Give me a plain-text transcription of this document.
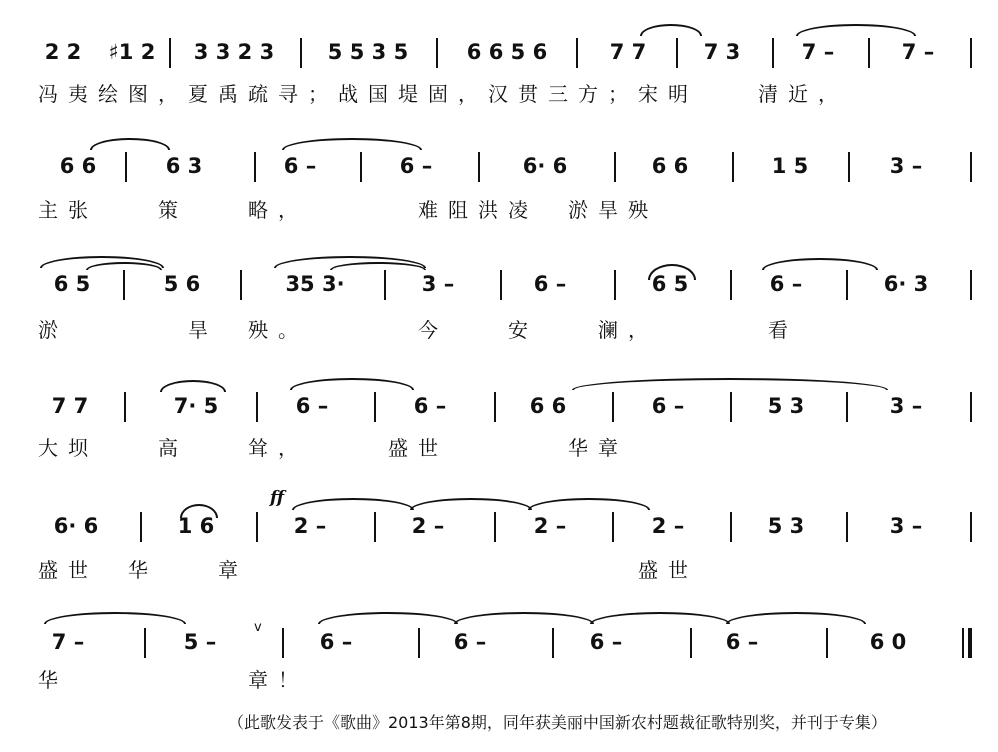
2 2 ♯1 2 3 3 2 3	5 5 3 5	6 6 5 6	7 7	7 3	7 –	7 –
冯夷绘图，夏禹疏寻；战国堤固，汉贯三方；宋明　　清近，
6 6	6 3	6 –	6 –	6· 6	6 6	1 5	3 –
主张　　策　　略，　　　　难阻洪凌　淤旱殃
6 5	5 6	35 3·	3 –	6 –	6 5	6 –	6· 3
淤　　　　旱　殃。　　　　今　　安　　澜，　　　　看
7 7	7· 5	6 –	6 –	6 6	6 –	5 3	3 –
大坝　　高　　耸，　　　盛世　　　　华章
ff
6· 6	1 6	2 –	2 –	2 –	2 –	5 3	3 –
盛世　华　　章　　　　　　　　　　　　　盛世
7 –	5 –
v
6 –	6 –	6 –	6 –	6 0
华　　　　　　章！
（此歌发表于《歌曲》2013年第8期，同年获美丽中国新农村题裁征歌特别奖，并刊于专集）
